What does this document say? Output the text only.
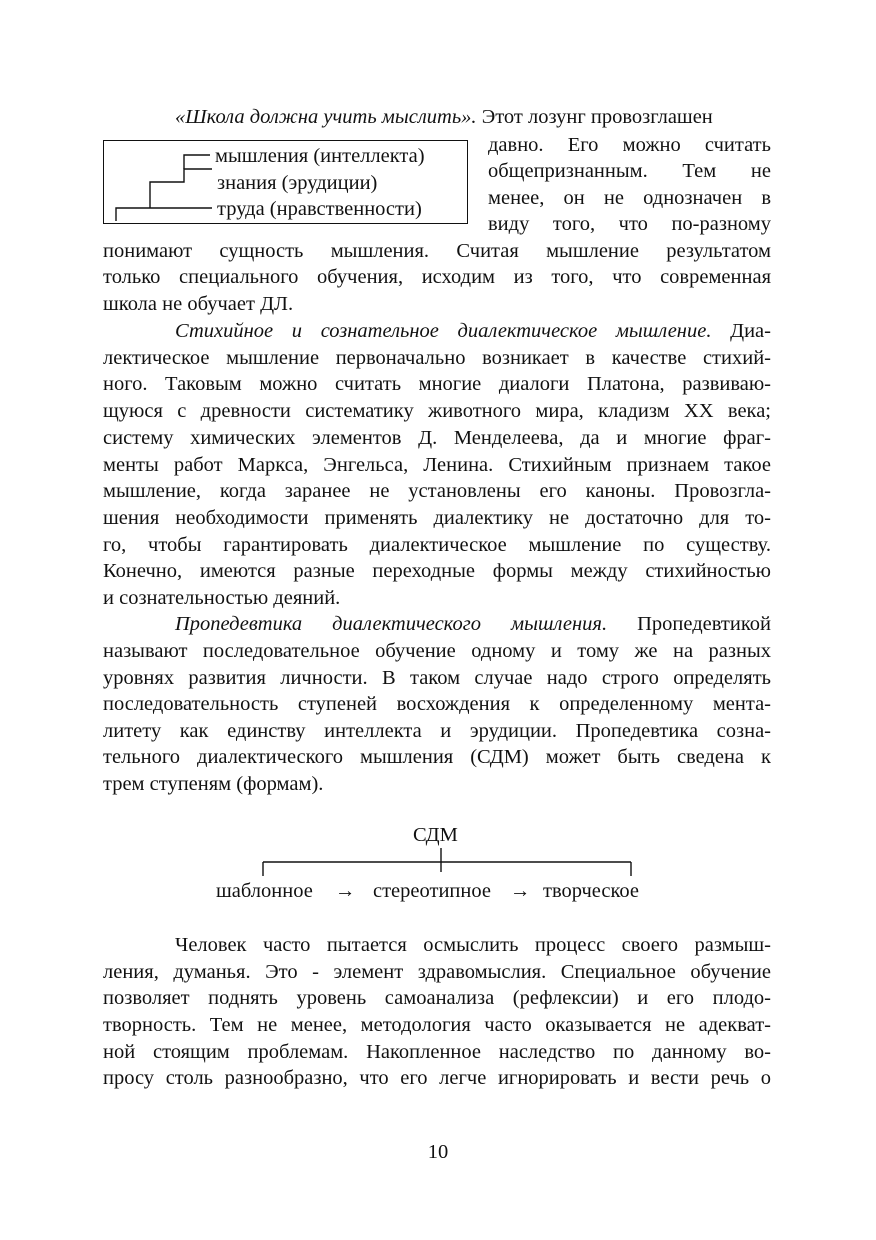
«Школа должна учить мыслить». Этот лозунг провозглашен
давно. Его можно считать
общепризнанным. Тем не
менее, он не однозначен в
виду того, что по-разному
понимают сущность мышления. Считая мышление результатом
только специального обучения, исходим из того, что современная
школа не обучает ДЛ.
мышления (интеллекта)
знания (эрудиции)
труда (нравственности)
Стихийное и сознательное диалектическое мышление. Диа-
лектическое мышление первоначально возникает в качестве стихий-
ного. Таковым можно считать многие диалоги Платона, развиваю-
щуюся с древности систематику животного мира, кладизм XX века;
систему химических элементов Д. Менделеева, да и многие фраг-
менты работ Маркса, Энгельса, Ленина. Стихийным признаем такое
мышление, когда заранее не установлены его каноны. Провозгла-
шения необходимости применять диалектику не достаточно для то-
го, чтобы гарантировать диалектическое мышление по существу.
Конечно, имеются разные переходные формы между стихийностью
и сознательностью деяний.
Пропедевтика диалектического мышления. Пропедевтикой
называют последовательное обучение одному и тому же на разных
уровнях развития личности. В таком случае надо строго определять
последовательность ступеней восхождения к определенному мента-
литету как единству интеллекта и эрудиции. Пропедевтика созна-
тельного диалектического мышления (СДМ) может быть сведена к
трем ступеням (формам).
СДМ
шаблонное → стереотипное → творческое
Человек часто пытается осмыслить процесс своего размыш-
ления, думанья. Это - элемент здравомыслия. Специальное обучение
позволяет поднять уровень самоанализа (рефлексии) и его плодо-
творность. Тем не менее, методология часто оказывается не адекват-
ной стоящим проблемам. Накопленное наследство по данному во-
просу столь разнообразно, что его легче игнорировать и вести речь о
10
